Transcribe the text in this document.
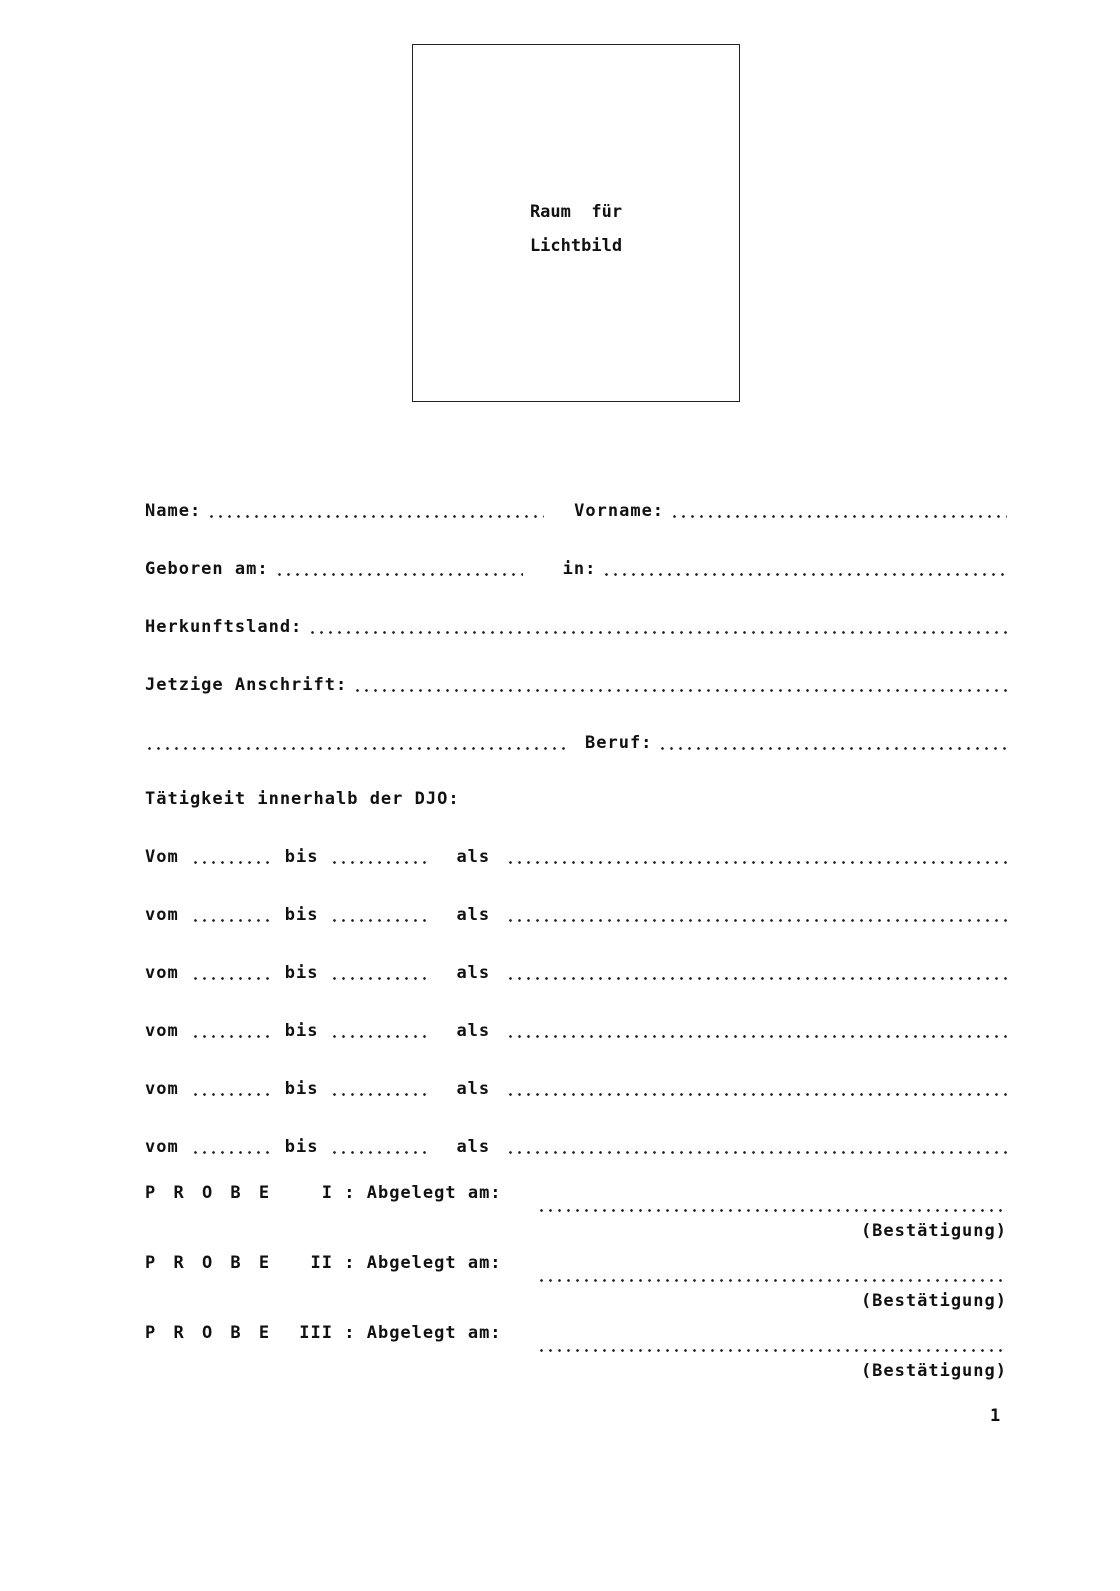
Raum  für
Lichtbild
Name:	Vorname:
Geboren am:	in:
Herkunftsland:
Jetzige Anschrift:
Beruf:
Tätigkeit innerhalb der DJO:
Vom	bis	als
vom	bis	als
vom	bis	als
vom	bis	als
vom	bis	als
vom	bis	als
P R O B E	I : Abgelegt am:
(Bestätigung)
P R O B E II : Abgelegt am:
(Bestätigung)
P R O B E III : Abgelegt am:
(Bestätigung)
1
